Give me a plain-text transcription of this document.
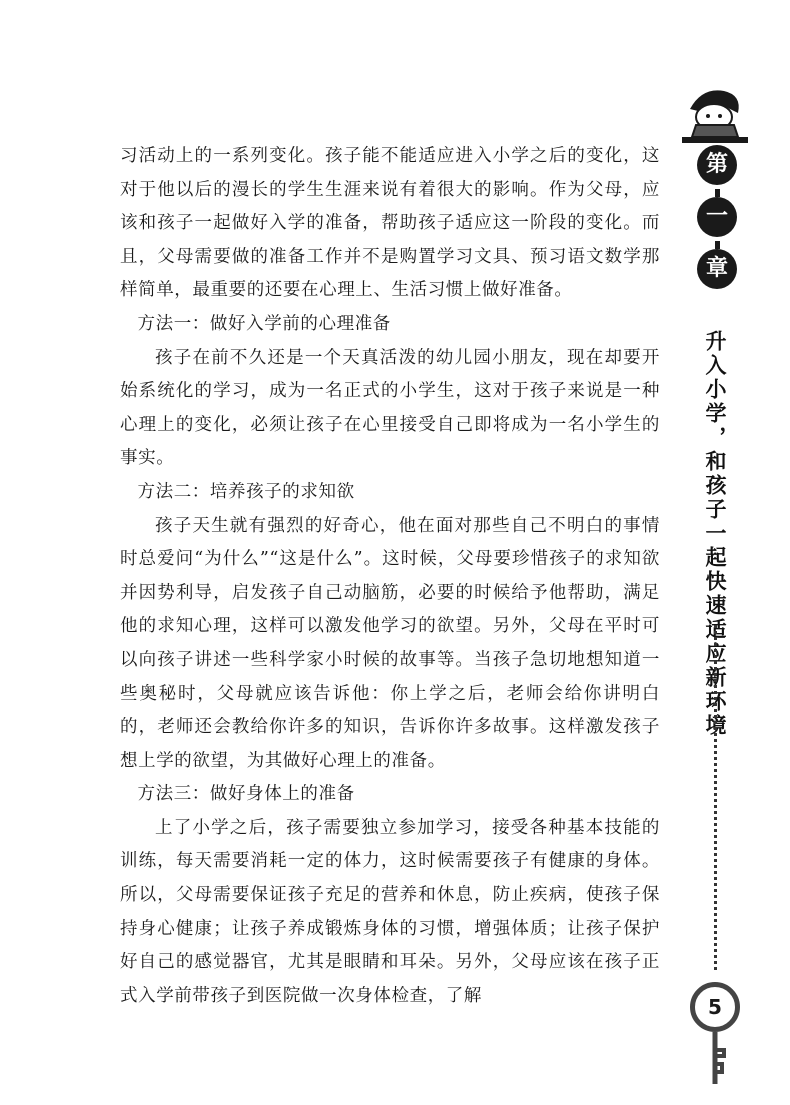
习活动上的一系列变化。孩子能不能适应进入小学之后的变化，这对于他以后的漫长的学生生涯来说有着很大的影响。作为父母，应该和孩子一起做好入学的准备，帮助孩子适应这一阶段的变化。而且，父母需要做的准备工作并不是购置学习文具、预习语文数学那样简单，最重要的还要在心理上、生活习惯上做好准备。

方法一：做好入学前的心理准备

孩子在前不久还是一个天真活泼的幼儿园小朋友，现在却要开始系统化的学习，成为一名正式的小学生，这对于孩子来说是一种心理上的变化，必须让孩子在心里接受自己即将成为一名小学生的事实。

方法二：培养孩子的求知欲

孩子天生就有强烈的好奇心，他在面对那些自己不明白的事情时总爱问“为什么”“这是什么”。这时候，父母要珍惜孩子的求知欲并因势利导，启发孩子自己动脑筋，必要的时候给予他帮助，满足他的求知心理，这样可以激发他学习的欲望。另外，父母在平时可以向孩子讲述一些科学家小时候的故事等。当孩子急切地想知道一些奥秘时，父母就应该告诉他：你上学之后，老师会给你讲明白的，老师还会教给你许多的知识，告诉你许多故事。这样激发孩子想上学的欲望，为其做好心理上的准备。

方法三：做好身体上的准备

上了小学之后，孩子需要独立参加学习，接受各种基本技能的训练，每天需要消耗一定的体力，这时候需要孩子有健康的身体。所以，父母需要保证孩子充足的营养和休息，防止疾病，使孩子保持身心健康；让孩子养成锻炼身体的习惯，增强体质；让孩子保护好自己的感觉器官，尤其是眼睛和耳朵。另外，父母应该在孩子正式入学前带孩子到医院做一次身体检查，了解

第
一
章
升入小学，和孩子一起快速适应新环境
5
